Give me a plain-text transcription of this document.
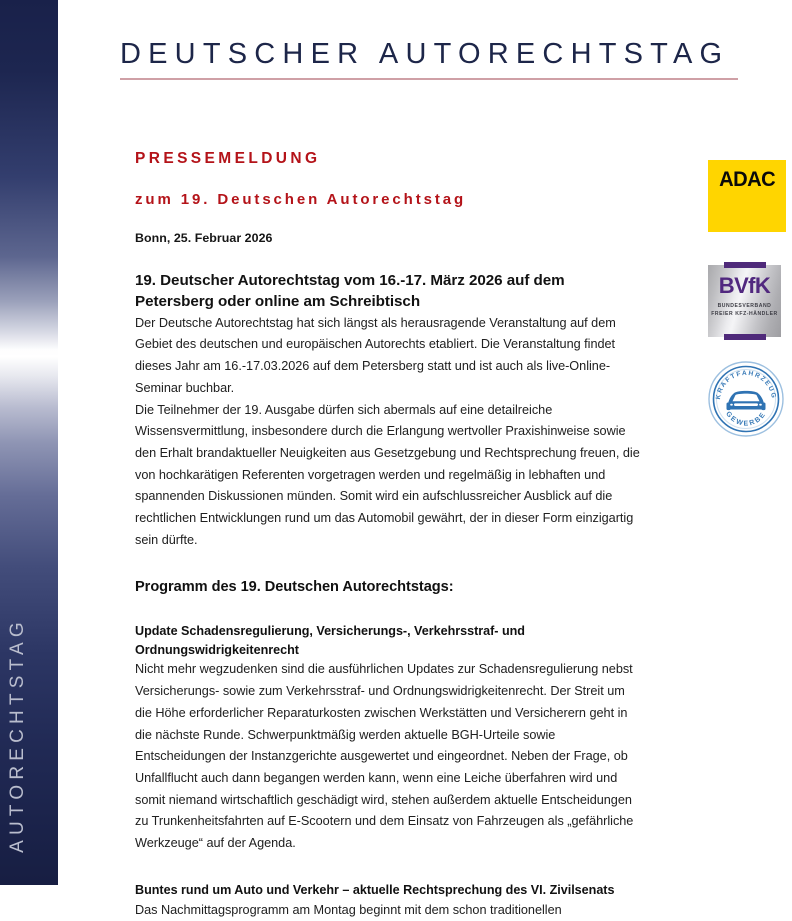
AUTORECHTSTAG
DEUTSCHER AUTORECHTSTAG
PRESSEMELDUNG
zum 19. Deutschen Autorechtstag
Bonn, 25. Februar 2026
19. Deutscher Autorechtstag vom 16.-17. März 2026 auf dem Petersberg oder online am Schreibtisch

Der Deutsche Autorechtstag hat sich längst als herausragende Veranstaltung auf dem Gebiet des deutschen und europäischen Autorechts etabliert. Die Veranstaltung findet dieses Jahr am 16.-17.03.2026 auf dem Petersberg statt und ist auch als live-Online-Seminar buchbar.

Die Teilnehmer der 19. Ausgabe dürfen sich abermals auf eine detailreiche Wissensvermittlung, insbesondere durch die Erlangung wertvoller Praxishinweise sowie den Erhalt brandaktueller Neuigkeiten aus Gesetzgebung und Rechtsprechung freuen, die von hochkarätigen Referenten vorgetragen werden und regelmäßig in lebhaften und spannenden Diskussionen münden. Somit wird ein aufschlussreicher Ausblick auf die rechtlichen Entwicklungen rund um das Automobil gewährt, der in dieser Form einzigartig sein dürfte.

Programm des 19. Deutschen Autorechtstags:
Update Schadensregulierung, Versicherungs-, Verkehrsstraf- und Ordnungswidrigkeitenrecht

Nicht mehr wegzudenken sind die ausführlichen Updates zur Schadensregulierung nebst Versicherungs- sowie zum Verkehrsstraf- und Ordnungswidrigkeitenrecht. Der Streit um die Höhe erforderlicher Reparaturkosten zwischen Werkstätten und Versicherern geht in die nächste Runde. Schwerpunktmäßig werden aktuelle BGH-Urteile sowie Entscheidungen der Instanzgerichte ausgewertet und eingeordnet. Neben der Frage, ob Unfallflucht auch dann begangen werden kann, wenn eine Leiche überfahren wird und somit niemand wirtschaftlich geschädigt wird, stehen außerdem aktuelle Entscheidungen zu Trunkenheitsfahrten auf E-Scootern und dem Einsatz von Fahrzeugen als „gefährliche Werkzeuge“ auf der Agenda.

Buntes rund um Auto und Verkehr – aktuelle Rechtsprechung des VI. Zivilsenats

Das Nachmittagsprogramm am Montag beginnt mit dem schon traditionellen

ADAC
BVfK
BUNDESVERBAND
FREIER KFZ-HÄNDLER
KRAFTFAHRZEUG
GEWERBE
